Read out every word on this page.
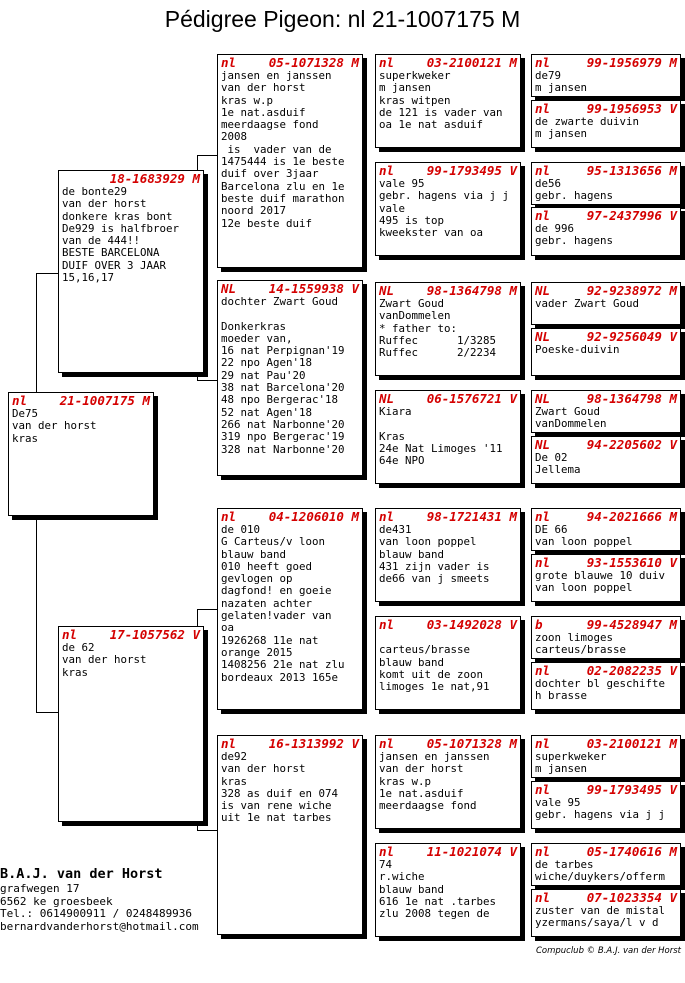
Pédigree Pigeon: nl 21-1007175 M
nl	21-1007175 M
De75
van der horst
kras
18-1683929 M
de bonte29
van der horst
donkere kras bont
De929 is halfbroer
van de 444!!
BESTE BARCELONA
DUIF OVER 3 JAAR
15,16,17
nl	17-1057562 V
de 62
van der horst
kras
nl	05-1071328 M
jansen en janssen
van der horst
kras w.p
1e nat.asduif
meerdaagse fond
2008
is  vader van de
1475444 is 1e beste
duif over 3jaar
Barcelona zlu en 1e
beste duif marathon
noord 2017
12e beste duif
NL	14-1559938 V
dochter Zwart Goud

Donkerkras
moeder van,
16 nat Perpignan'19
22 npo Agen'18
29 nat Pau'20
38 nat Barcelona'20
48 npo Bergerac'18
52 nat Agen'18
266 nat Narbonne'20
319 npo Bergerac'19
328 nat Narbonne'20
nl	04-1206010 M
de 010
G Carteus/v loon
blauw band
010 heeft goed
gevlogen op
dagfond! en goeie
nazaten achter
gelaten!vader van
oa
1926268 11e nat
orange 2015
1408256 21e nat zlu
bordeaux 2013 165e
nl	16-1313992 V
de92
van der horst
kras
328 as duif en 074
is van rene wiche
uit 1e nat tarbes
nl	03-2100121 M
superkweker
m jansen
kras witpen
de 121 is vader van
oa 1e nat asduif
nl	99-1793495 V
vale 95
gebr. hagens via j j
vale
495 is top
kweekster van oa
NL	98-1364798 M
Zwart Goud
vanDommelen
* father to:
Ruffec      1/3285
Ruffec      2/2234
NL	06-1576721 V
Kiara

Kras
24e Nat Limoges '11
64e NPO
nl	98-1721431 M
de431
van loon poppel
blauw band
431 zijn vader is
de66 van j smeets
nl	03-1492028 V

carteus/brasse
blauw band
komt uit de zoon
limoges 1e nat,91
nl	05-1071328 M
jansen en janssen
van der horst
kras w.p
1e nat.asduif
meerdaagse fond
nl	11-1021074 V
74
r.wiche
blauw band
616 1e nat .tarbes
zlu 2008 tegen de
nl	99-1956979 M
de79
m jansen
nl	99-1956953 V
de zwarte duivin
m jansen
nl	95-1313656 M
de56
gebr. hagens
nl	97-2437996 V
de 996
gebr. hagens
NL	92-9238972 M
vader Zwart Goud
NL	92-9256049 V
Poeske-duivin
NL	98-1364798 M
Zwart Goud
vanDommelen
NL	94-2205602 V
De 02
Jellema
nl	94-2021666 M
DE 66
van loon poppel
nl	93-1553610 V
grote blauwe 10 duiv
van loon poppel
b	99-4528947 M
zoon limoges
carteus/brasse
nl	02-2082235 V
dochter bl geschifte
h brasse
nl	03-2100121 M
superkweker
m jansen
nl	99-1793495 V
vale 95
gebr. hagens via j j
nl	05-1740616 M
de tarbes
wiche/duykers/offerm
nl	07-1023354 V
zuster van de mistal
yzermans/saya/l v d
B.A.J. van der Horst
grafwegen 17
6562 ke groesbeek
Tel.: 0614900911 / 0248489936
bernardvanderhorst@hotmail.com
Compuclub © B.A.J. van der Horst
